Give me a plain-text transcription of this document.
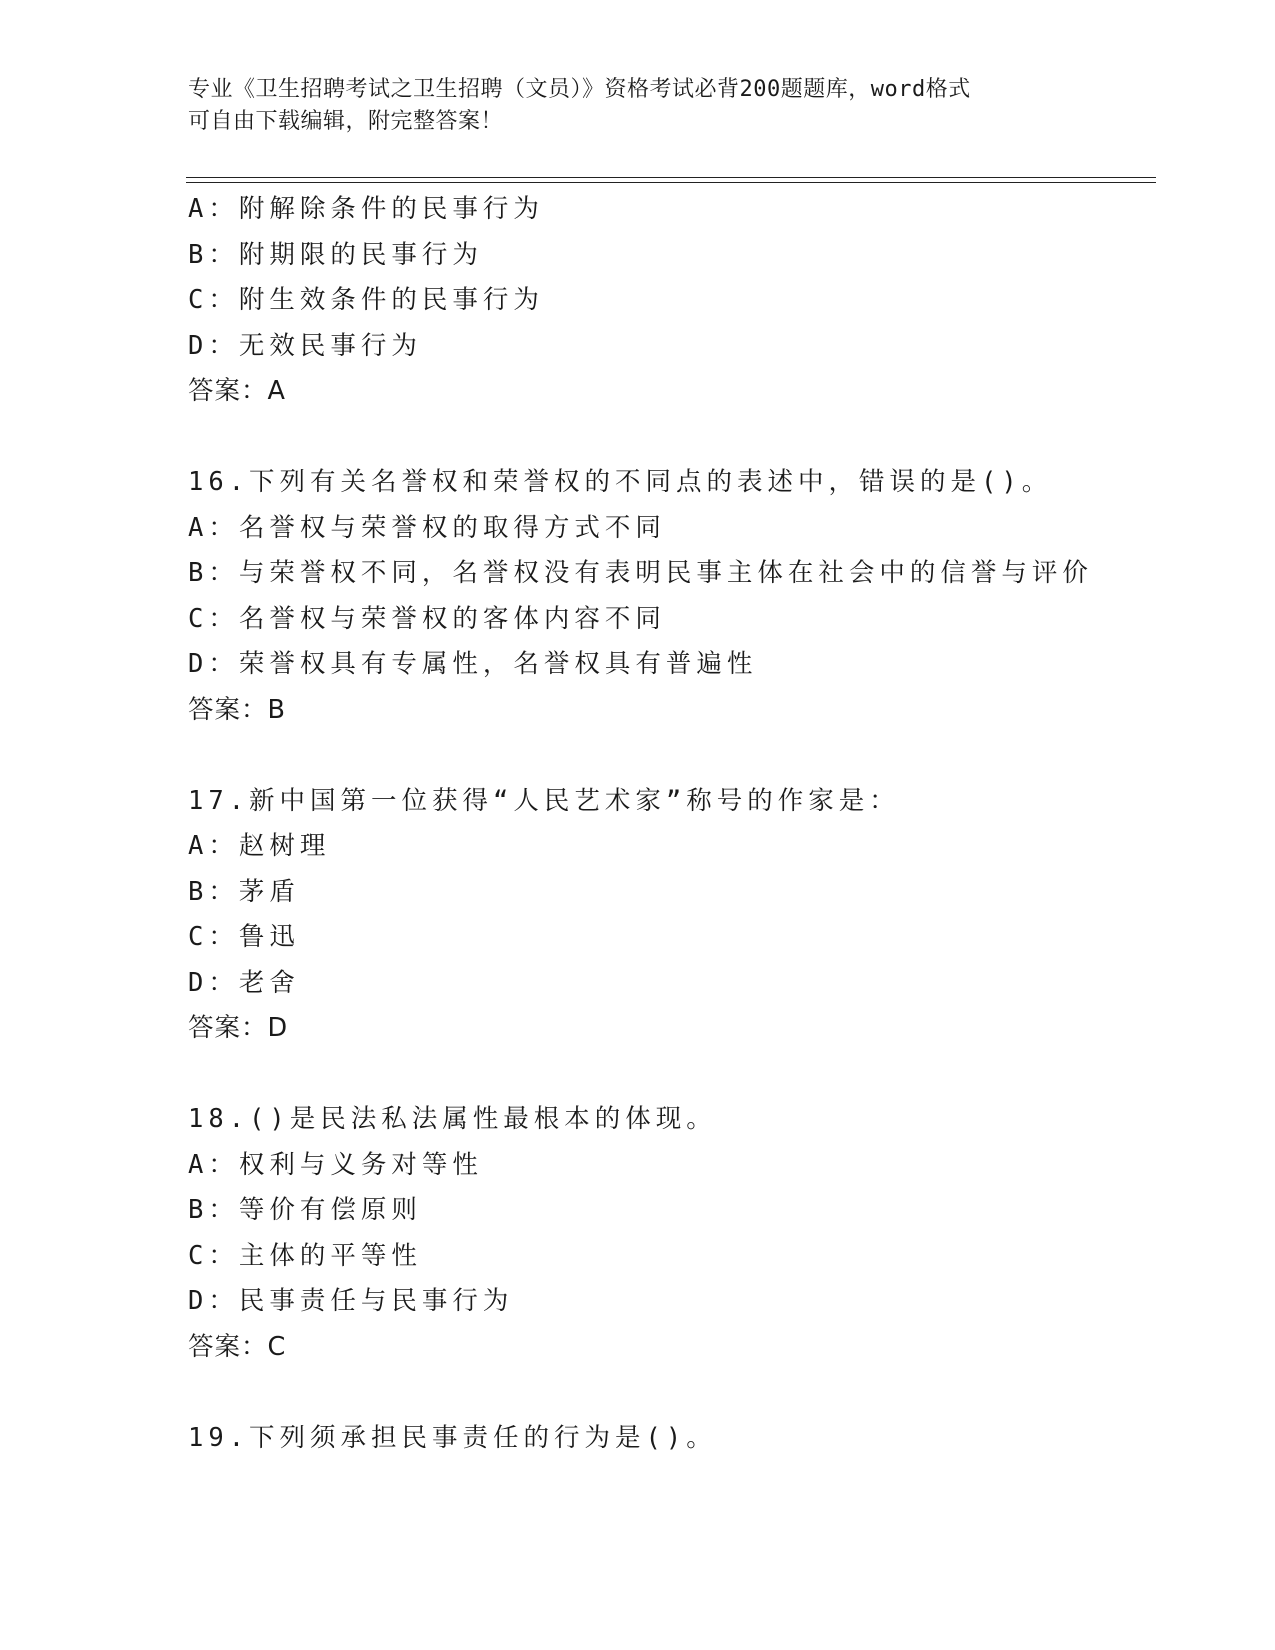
专业《卫生招聘考试之卫生招聘（文员）》资格考试必背200题题库，word格式
可自由下载编辑，附完整答案！
A：附解除条件的民事行为
B：附期限的民事行为
C：附生效条件的民事行为
D：无效民事行为
答案：A
16.下列有关名誉权和荣誉权的不同点的表述中，错误的是()。
A：名誉权与荣誉权的取得方式不同
B：与荣誉权不同，名誉权没有表明民事主体在社会中的信誉与评价
C：名誉权与荣誉权的客体内容不同
D：荣誉权具有专属性，名誉权具有普遍性
答案：B
17.新中国第一位获得“人民艺术家”称号的作家是：
A：赵树理
B：茅盾
C：鲁迅
D：老舍
答案：D
18.()是民法私法属性最根本的体现。
A：权利与义务对等性
B：等价有偿原则
C：主体的平等性
D：民事责任与民事行为
答案：C
19.下列须承担民事责任的行为是()。
